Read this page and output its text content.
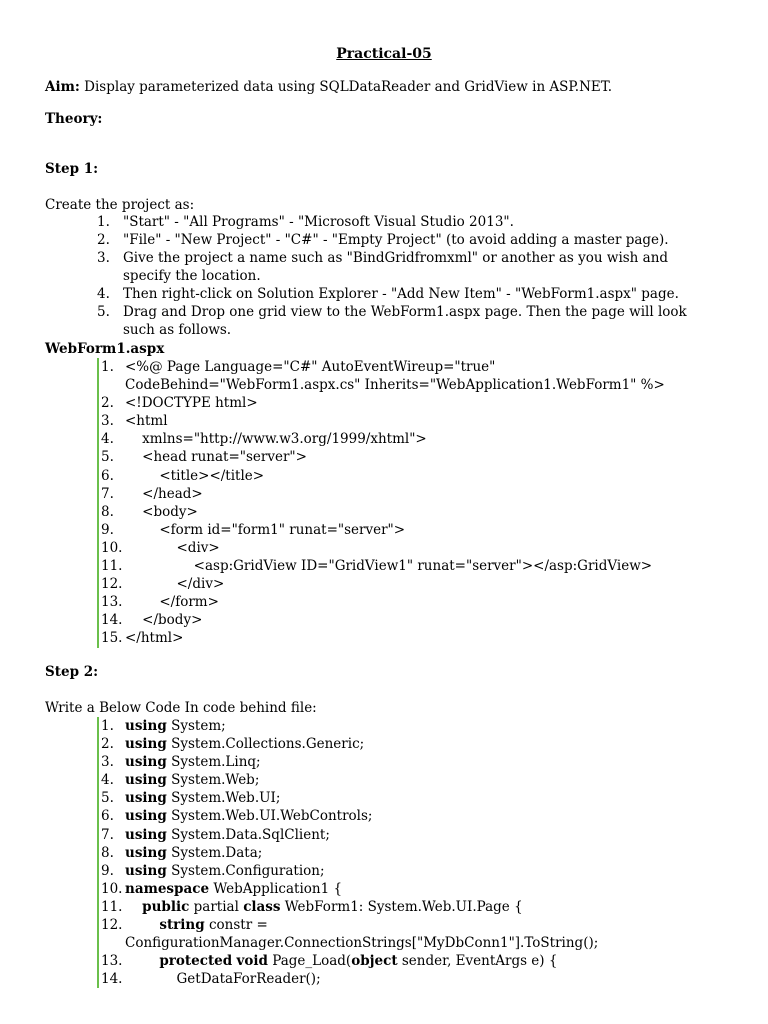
Practical-05
Aim: Display parameterized data using SQLDataReader and GridView in ASP.NET.
Theory:
Step 1:
Create the project as:
1. "Start" - "All Programs" - "Microsoft Visual Studio 2013".
2. "File" - "New Project" - "C#" - "Empty Project" (to avoid adding a master page).
3. Give the project a name such as "BindGridfromxml" or another as you wish and specify the location.
4. Then right-click on Solution Explorer - "Add New Item" - "WebForm1.aspx" page.
5. Drag and Drop one grid view to the WebForm1.aspx page. Then the page will look such as follows.
WebForm1.aspx
1. <%@ Page Language="C#" AutoEventWireup="true" CodeBehind="WebForm1.aspx.cs" Inherits="WebApplication1.WebForm1" %>
2. <!DOCTYPE html>
3. <html
4. xmlns="http://www.w3.org/1999/xhtml">
5. <head runat="server">
6. <title></title>
7. </head>
8. <body>
9. <form id="form1" runat="server">
10. <div>
11. <asp:GridView ID="GridView1" runat="server"></asp:GridView>
12. </div>
13. </form>
14. </body>
15. </html>
Step 2:
Write a Below Code In code behind file:
1. using System;
2. using System.Collections.Generic;
3. using System.Linq;
4. using System.Web;
5. using System.Web.UI;
6. using System.Web.UI.WebControls;
7. using System.Data.SqlClient;
8. using System.Data;
9. using System.Configuration;
10. namespace WebApplication1 {
11. public partial class WebForm1: System.Web.UI.Page {
12.	string constr = ConfigurationManager.ConnectionStrings["MyDbConn1"].ToString();
13.	protected void Page_Load(object sender, EventArgs e) {
14.	GetDataForReader();
